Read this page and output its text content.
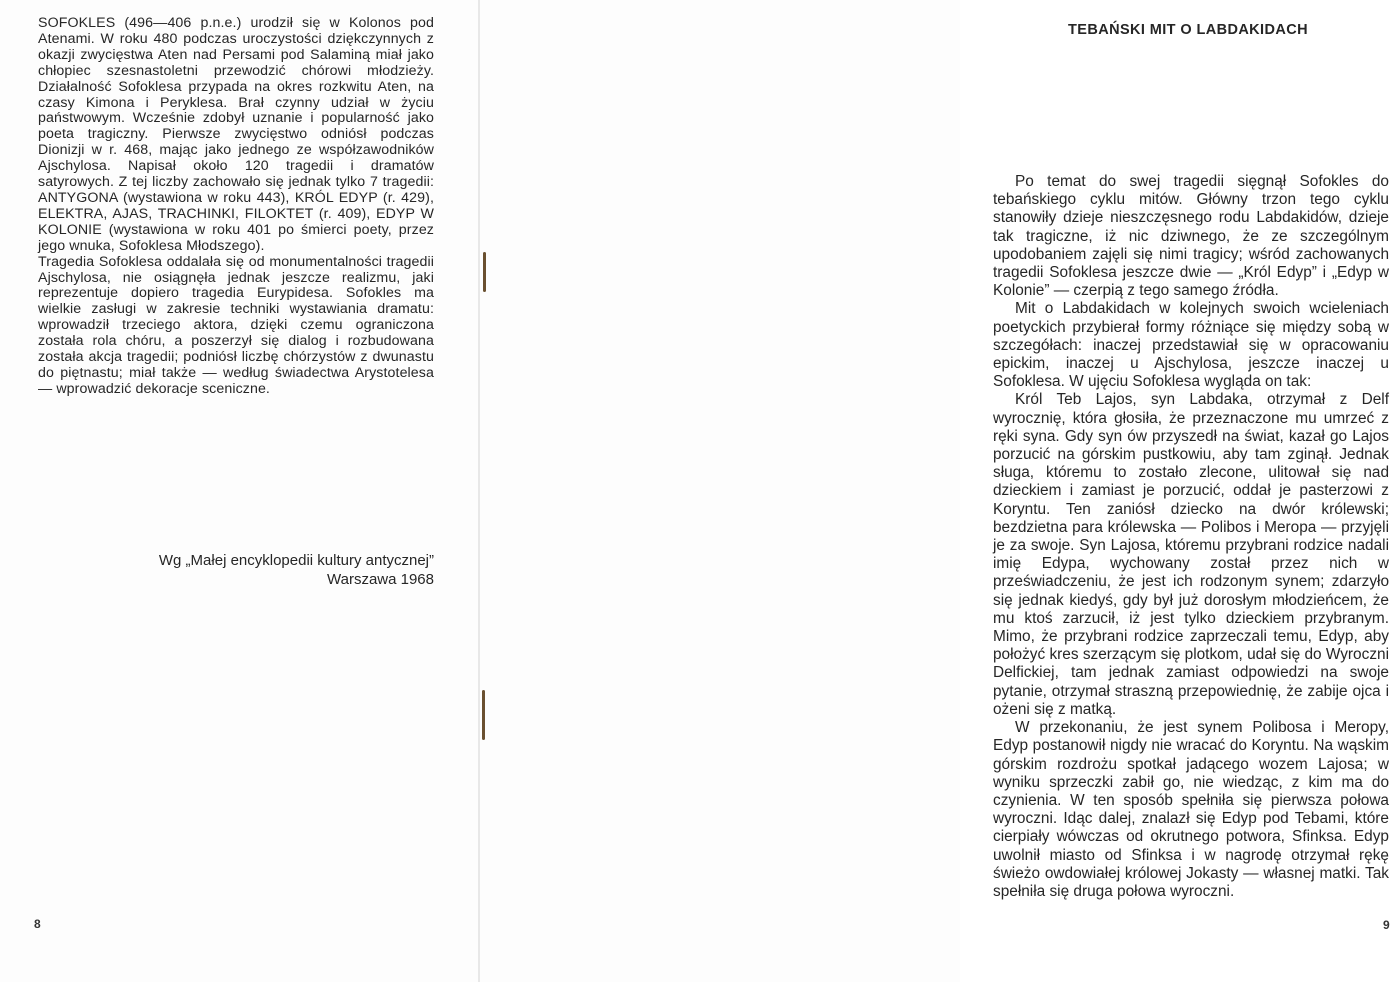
SOFOKLES (496—406 p.n.e.) urodził się w Kolonos pod Atenami. W roku 480 podczas uroczystości dziękczynnych z okazji zwycięstwa Aten nad Persami pod Salaminą miał jako chłopiec szesnastoletni przewodzić chórowi młodzieży. Działalność Sofoklesa przypada na okres rozkwitu Aten, na czasy Kimona i Peryklesa. Brał czynny udział w życiu państwowym. Wcześnie zdobył uznanie i popularność jako poeta tragiczny. Pierwsze zwycięstwo odniósł podczas Dionizji w r. 468, mając jako jednego ze współzawodników Ajschylosa. Napisał około 120 tragedii i dramatów satyrowych. Z tej liczby zachowało się jednak tylko 7 tragedii: ANTYGONA (wystawiona w roku 443), KRÓL EDYP (r. 429), ELEKTRA, AJAS, TRACHINKI, FILOKTET (r. 409), EDYP W KOLONIE (wystawiona w roku 401 po śmierci poety, przez jego wnuka, Sofoklesa Młodszego).

Tragedia Sofoklesa oddalała się od monumentalności tragedii Ajschylosa, nie osiągnęła jednak jeszcze realizmu, jaki reprezentuje dopiero tragedia Eurypidesa. Sofokles ma wielkie zasługi w zakresie techniki wystawiania dramatu: wprowadził trzeciego aktora, dzięki czemu ograniczona została rola chóru, a poszerzył się dialog i rozbudowana została akcja tragedii; podniósł liczbę chórzystów z dwunastu do piętnastu; miał także — według świadectwa Arystotelesa — wprowadzić dekoracje sceniczne.

Wg „Małej encyklopedii kultury antycznej”
Warszawa 1968
8
TEBAŃSKI MIT O LABDAKIDACH

Po temat do swej tragedii sięgnął Sofokles do tebańskiego cyklu mitów. Główny trzon tego cyklu stanowiły dzieje nieszczęsnego rodu Labdakidów, dzieje tak tragiczne, iż nic dziwnego, że ze szczególnym upodobaniem zajęli się nimi tragicy; wśród zachowanych tragedii Sofoklesa jeszcze dwie — „Król Edyp” i „Edyp w Kolonie” — czerpią z tego samego źródła.

Mit o Labdakidach w kolejnych swoich wcieleniach poetyckich przybierał formy różniące się między sobą w szczegółach: inaczej przedstawiał się w opracowaniu epickim, inaczej u Ajschylosa, jeszcze inaczej u Sofoklesa. W ujęciu Sofoklesa wygląda on tak:

Król Teb Lajos, syn Labdaka, otrzymał z Delf wyrocznię, która głosiła, że przeznaczone mu umrzeć z ręki syna. Gdy syn ów przyszedł na świat, kazał go Lajos porzucić na górskim pustkowiu, aby tam zginął. Jednak sługa, któremu to zostało zlecone, ulitował się nad dzieckiem i zamiast je porzucić, oddał je pasterzowi z Koryntu. Ten zaniósł dziecko na dwór królewski; bezdzietna para królewska — Polibos i Meropa — przyjęli je za swoje. Syn Lajosa, któremu przybrani rodzice nadali imię Edypa, wychowany został przez nich w przeświadczeniu, że jest ich rodzonym synem; zdarzyło się jednak kiedyś, gdy był już dorosłym młodzieńcem, że mu ktoś zarzucił, iż jest tylko dzieckiem przybranym. Mimo, że przybrani rodzice zaprzeczali temu, Edyp, aby położyć kres szerzącym się plotkom, udał się do Wyroczni Delfickiej, tam jednak zamiast odpowiedzi na swoje pytanie, otrzymał straszną przepowiednię, że zabije ojca i ożeni się z matką.

W przekonaniu, że jest synem Polibosa i Meropy, Edyp postanowił nigdy nie wracać do Koryntu. Na wąskim górskim rozdrożu spotkał jadącego wozem Lajosa; w wyniku sprzeczki zabił go, nie wiedząc, z kim ma do czynienia. W ten sposób spełniła się pierwsza połowa wyroczni. Idąc dalej, znalazł się Edyp pod Tebami, które cierpiały wówczas od okrutnego potwora, Sfinksa. Edyp uwolnił miasto od Sfinksa i w nagrodę otrzymał rękę świeżo owdowiałej królowej Jokasty — własnej matki. Tak spełniła się druga połowa wyroczni.

9
